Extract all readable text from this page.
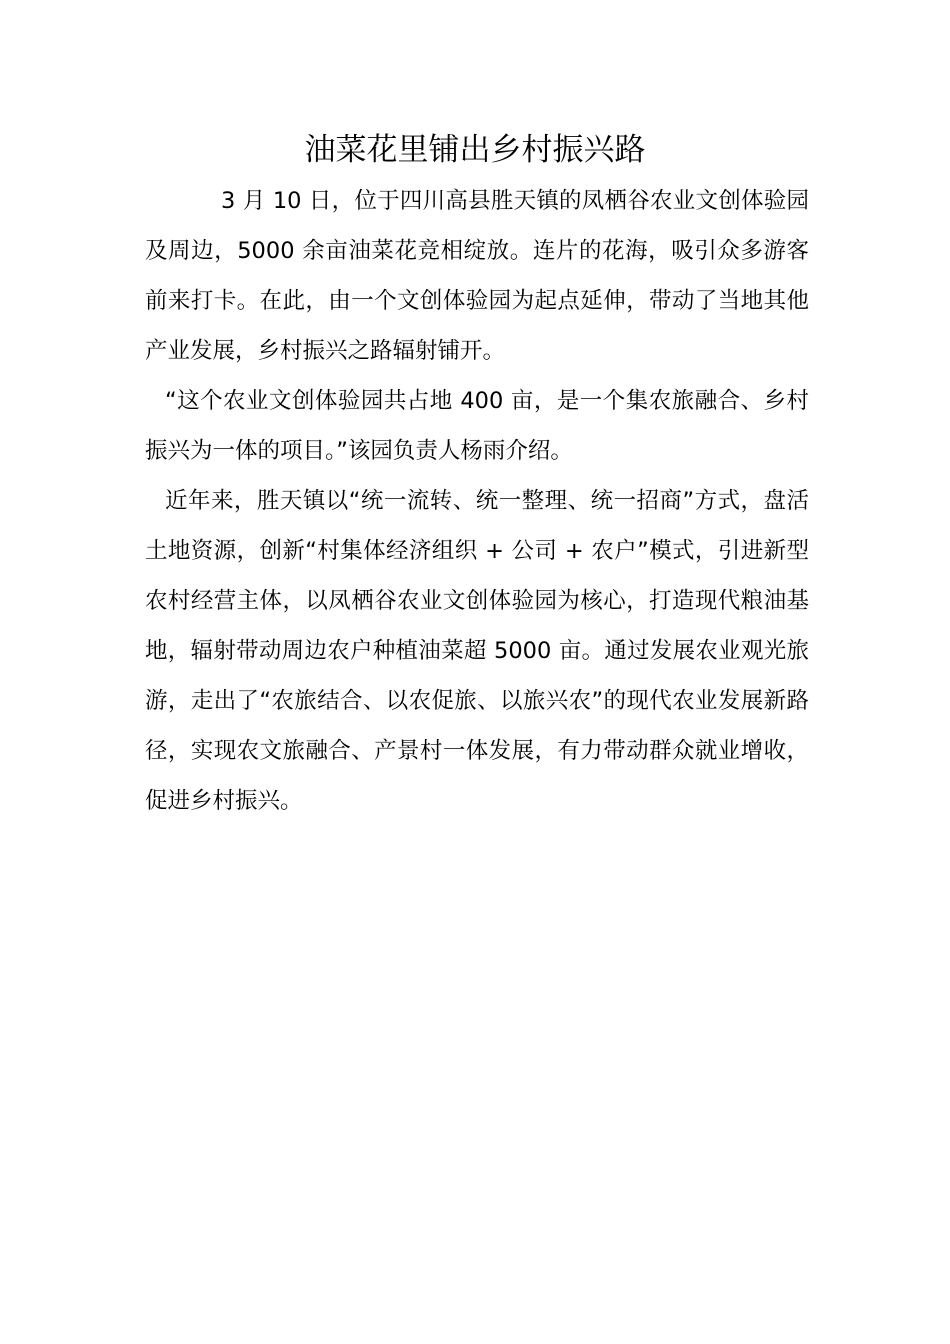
油菜花里铺出乡村振兴路

3 月 10 日，位于四川高县胜天镇的凤栖谷农业文创体验园及周边，5000 余亩油菜花竞相绽放。连片的花海，吸引众多游客前来打卡。在此，由一个文创体验园为起点延伸，带动了当地其他产业发展，乡村振兴之路辐射铺开。

“这个农业文创体验园共占地 400 亩，是一个集农旅融合、乡村振兴为一体的项目。”该园负责人杨雨介绍。

近年来，胜天镇以“统一流转、统一整理、统一招商”方式，盘活土地资源，创新“村集体经济组织 + 公司 + 农户”模式，引进新型农村经营主体，以凤栖谷农业文创体验园为核心，打造现代粮油基地，辐射带动周边农户种植油菜超 5000 亩。通过发展农业观光旅游，走出了“农旅结合、以农促旅、以旅兴农”的现代农业发展新路径，实现农文旅融合、产景村一体发展，有力带动群众就业增收，促进乡村振兴。
